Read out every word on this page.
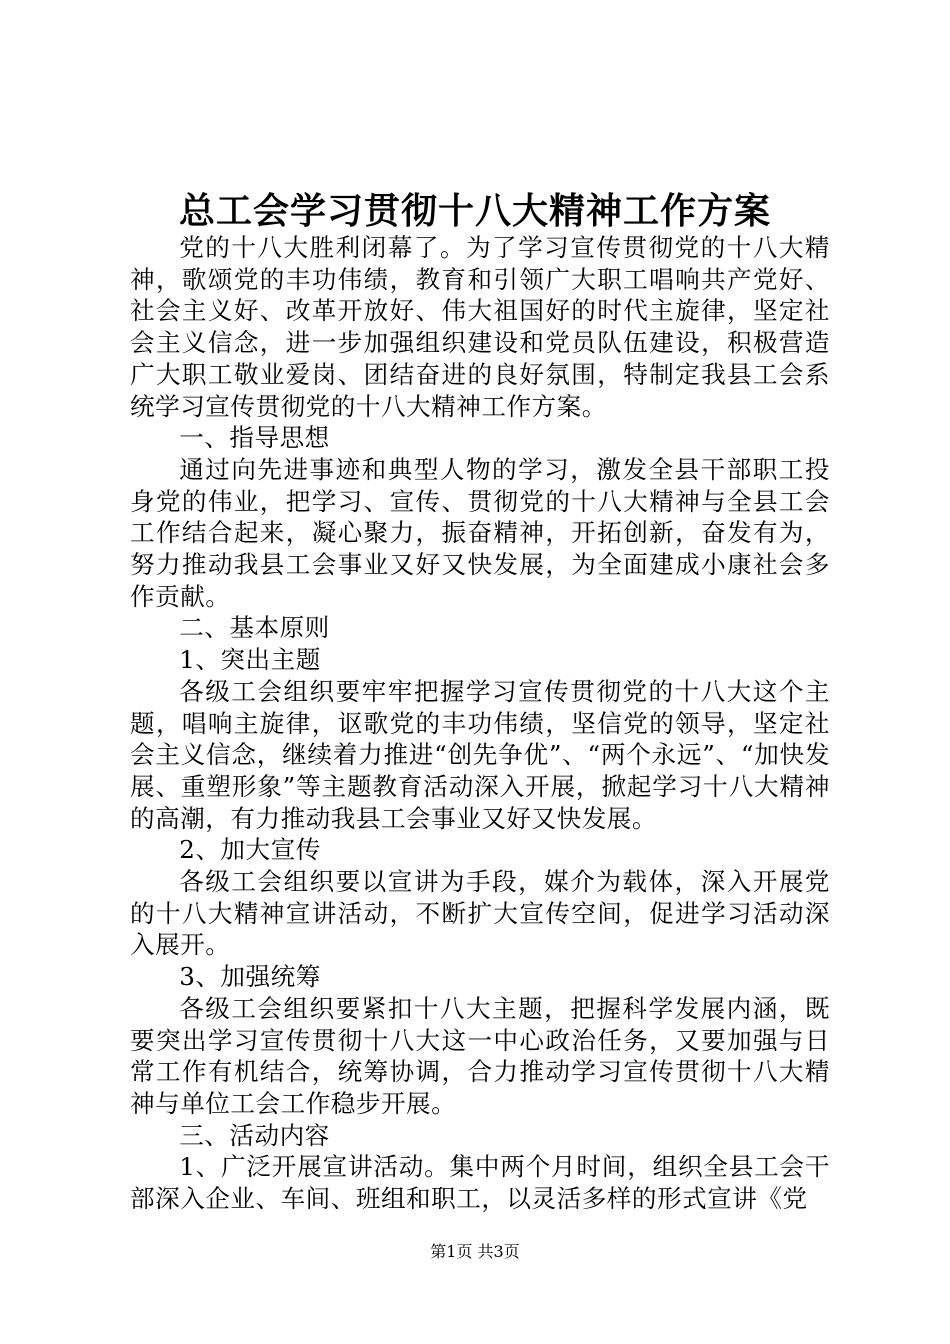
总工会学习贯彻十八大精神工作方案

党的十八大胜利闭幕了。为了学习宣传贯彻党的十八大精神，歌颂党的丰功伟绩，教育和引领广大职工唱响共产党好、社会主义好、改革开放好、伟大祖国好的时代主旋律，坚定社会主义信念，进一步加强组织建设和党员队伍建设，积极营造广大职工敬业爱岗、团结奋进的良好氛围，特制定我县工会系统学习宣传贯彻党的十八大精神工作方案。

一、指导思想

通过向先进事迹和典型人物的学习，激发全县干部职工投身党的伟业，把学习、宣传、贯彻党的十八大精神与全县工会工作结合起来，凝心聚力，振奋精神，开拓创新，奋发有为，努力推动我县工会事业又好又快发展，为全面建成小康社会多作贡献。

二、基本原则

1、突出主题

各级工会组织要牢牢把握学习宣传贯彻党的十八大这个主题，唱响主旋律，讴歌党的丰功伟绩，坚信党的领导，坚定社会主义信念，继续着力推进“创先争优”、“两个永远”、“加快发展、重塑形象”等主题教育活动深入开展，掀起学习十八大精神的高潮，有力推动我县工会事业又好又快发展。

2、加大宣传

各级工会组织要以宣讲为手段，媒介为载体，深入开展党的十八大精神宣讲活动，不断扩大宣传空间，促进学习活动深入展开。

3、加强统筹

各级工会组织要紧扣十八大主题，把握科学发展内涵，既要突出学习宣传贯彻十八大这一中心政治任务，又要加强与日常工作有机结合，统筹协调，合力推动学习宣传贯彻十八大精神与单位工会工作稳步开展。

三、活动内容

1、广泛开展宣讲活动。集中两个月时间，组织全县工会干部深入企业、车间、班组和职工，以灵活多样的形式宣讲《党

第1页 共3页
